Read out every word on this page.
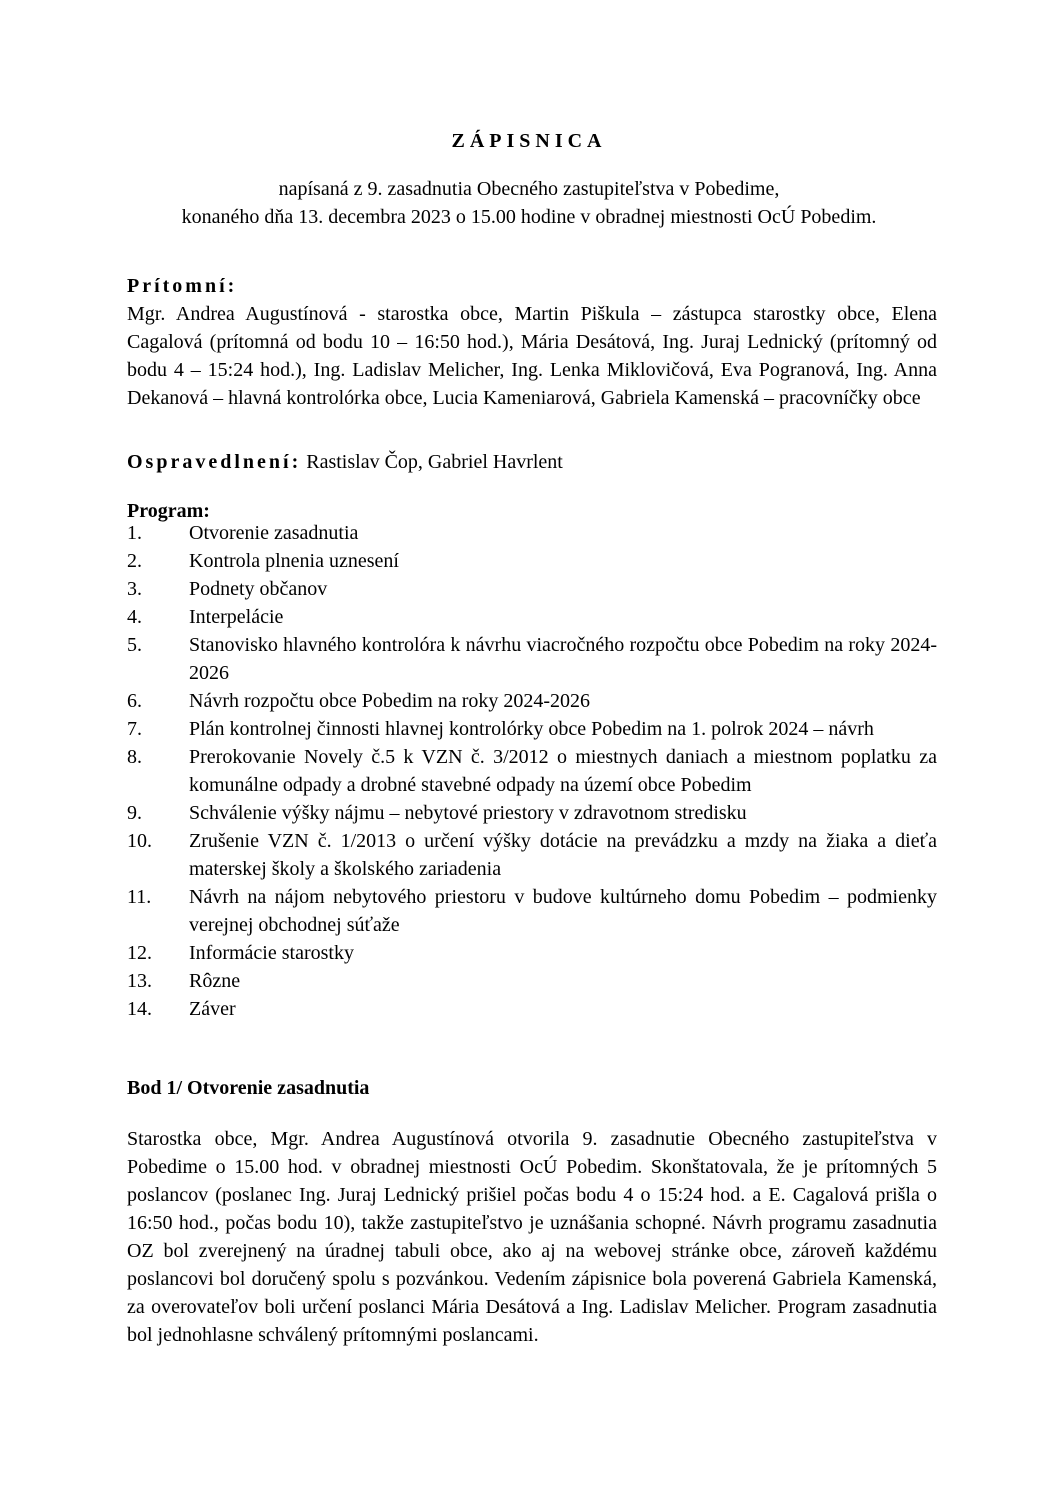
ZÁPISNICA

napísaná z 9. zasadnutia Obecného zastupiteľstva v Pobedime,

konaného dňa 13. decembra 2023 o 15.00 hodine v obradnej miestnosti OcÚ Pobedim.

Prítomní:

Mgr. Andrea Augustínová - starostka obce, Martin Piškula – zástupca starostky obce, Elena Cagalová (prítomná od bodu 10 – 16:50 hod.), Mária Desátová, Ing. Juraj Lednický (prítomný od bodu 4 – 15:24 hod.), Ing. Ladislav Melicher, Ing. Lenka Miklovičová, Eva Pogranová, Ing. Anna Dekanová – hlavná kontrolórka obce, Lucia Kameniarová, Gabriela Kamenská – pracovníčky obce

Ospravedlnení: Rastislav Čop, Gabriel Havrlent
Program:
1.	Otvorenie zasadnutia
2.	Kontrola plnenia uznesení
3.	Podnety občanov
4.	Interpelácie
5.	Stanovisko hlavného kontrolóra k návrhu viacročného rozpočtu obce Pobedim na roky 2024-2026
6.	Návrh rozpočtu obce Pobedim na roky 2024-2026
7.	Plán kontrolnej činnosti hlavnej kontrolórky obce Pobedim na 1. polrok 2024 – návrh
8.	Prerokovanie Novely č.5 k VZN č. 3/2012 o miestnych daniach a miestnom poplatku za komunálne odpady a drobné stavebné odpady na území obce Pobedim
9.	Schválenie výšky nájmu – nebytové priestory v zdravotnom stredisku
10.	Zrušenie VZN č. 1/2013 o určení výšky dotácie na prevádzku a mzdy na žiaka a dieťa materskej školy a školského zariadenia
11.	Návrh na nájom nebytového priestoru v budove kultúrneho domu Pobedim – podmienky verejnej obchodnej súťaže
12.	Informácie starostky
13.	Rôzne
14.	Záver
Bod 1/ Otvorenie zasadnutia

Starostka obce, Mgr. Andrea Augustínová otvorila 9. zasadnutie Obecného zastupiteľstva v Pobedime o 15.00 hod. v obradnej miestnosti OcÚ Pobedim. Skonštatovala, že je prítomných 5 poslancov (poslanec Ing. Juraj Lednický prišiel počas bodu 4 o 15:24 hod. a E. Cagalová prišla o 16:50 hod., počas bodu 10), takže zastupiteľstvo je uznášania schopné. Návrh programu zasadnutia OZ bol zverejnený na úradnej tabuli obce, ako aj na webovej stránke obce, zároveň každému poslancovi bol doručený spolu s pozvánkou. Vedením zápisnice bola poverená Gabriela Kamenská, za overovateľov boli určení poslanci Mária Desátová a Ing. Ladislav Melicher. Program zasadnutia bol jednohlasne schválený prítomnými poslancami.
